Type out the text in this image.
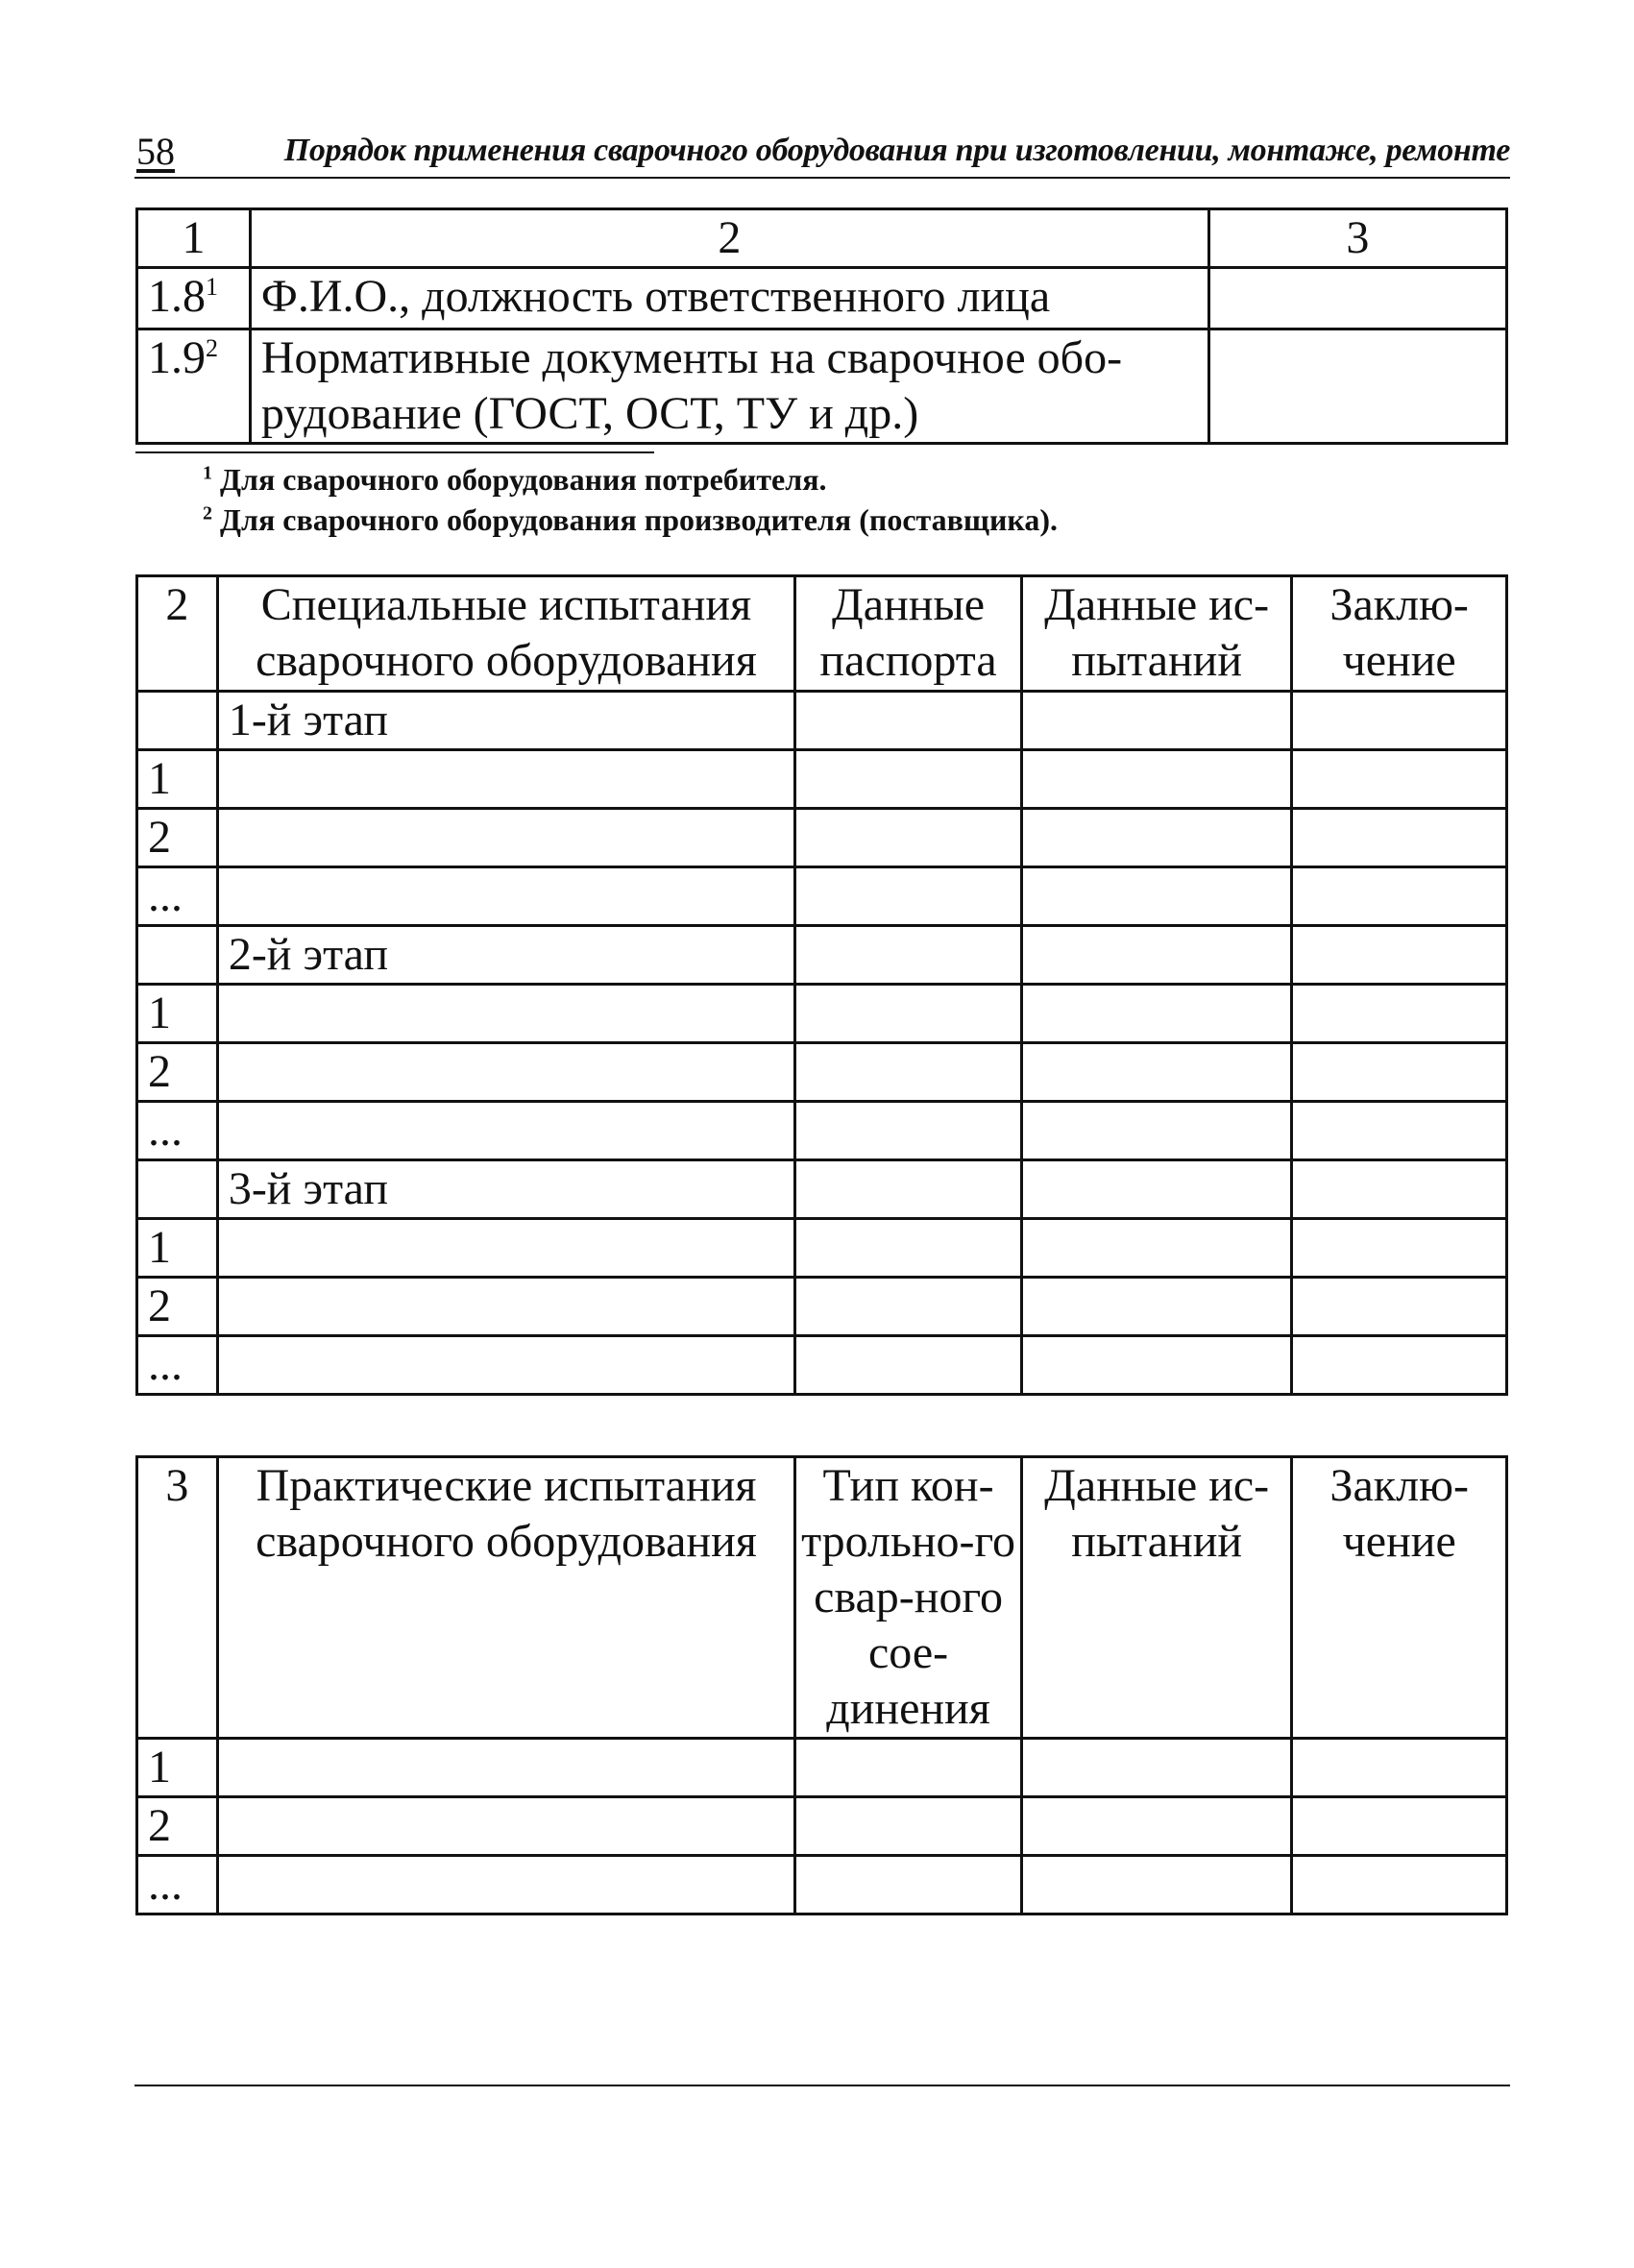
58	Порядок применения сварочного оборудования при изготовлении, монтаже, ремонте
1	2	3
$1.8^1$	Ф.И.О., должность ответственного лица	
$1.9^2$	Нормативные документы на сварочное обо-рудование (ГОСТ, ОСТ, ТУ и др.)	
$^1$ Для сварочного оборудования потребителя.
$^2$ Для сварочного оборудования производителя (поставщика).
2	Специальные испытания сварочного оборудования	Данные паспорта	Данные ис-пытаний	Заклю-чение
	1-й этап			
1				
2				
...				
	2-й этап			
1				
2				
...				
	3-й этап			
1				
2				
...				
3	Практические испытания сварочного оборудования	Тип кон-трольно-го свар-ного сое-динения	Данные ис-пытаний	Заклю-чение
1				
2				
...				
